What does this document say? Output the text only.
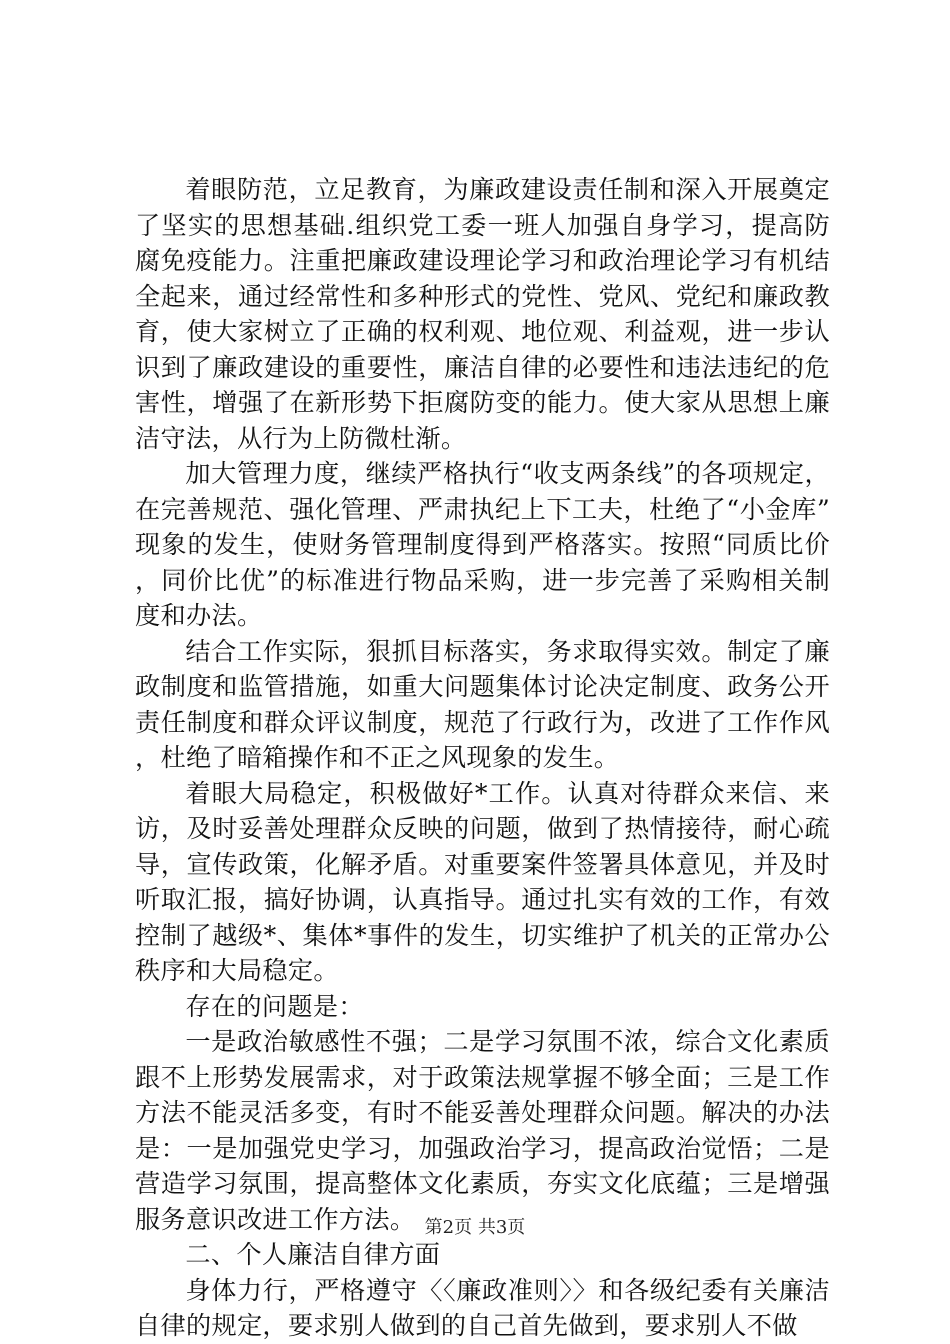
着眼防范，立足教育，为廉政建设责任制和深入开展奠定了坚实的思想基础.组织党工委一班人加强自身学习，提高防腐免疫能力。注重把廉政建设理论学习和政治理论学习有机结全起来，通过经常性和多种形式的党性、党风、党纪和廉政教育，使大家树立了正确的权利观、地位观、利益观，进一步认识到了廉政建设的重要性，廉洁自律的必要性和违法违纪的危害性，增强了在新形势下拒腐防变的能力。使大家从思想上廉洁守法，从行为上防微杜渐。

加大管理力度，继续严格执行“收支两条线”的各项规定，在完善规范、强化管理、严肃执纪上下工夫，杜绝了“小金库”现象的发生，使财务管理制度得到严格落实。按照“同质比价，同价比优”的标准进行物品采购，进一步完善了采购相关制度和办法。

结合工作实际，狠抓目标落实，务求取得实效。制定了廉政制度和监管措施，如重大问题集体讨论决定制度、政务公开责任制度和群众评议制度，规范了行政行为，改进了工作作风，杜绝了暗箱操作和不正之风现象的发生。

着眼大局稳定，积极做好*工作。认真对待群众来信、来访，及时妥善处理群众反映的问题，做到了热情接待，耐心疏导，宣传政策，化解矛盾。对重要案件签署具体意见，并及时听取汇报，搞好协调，认真指导。通过扎实有效的工作，有效控制了越级*、集体*事件的发生，切实维护了机关的正常办公秩序和大局稳定。

存在的问题是：

一是政治敏感性不强；二是学习氛围不浓，综合文化素质跟不上形势发展需求，对于政策法规掌握不够全面；三是工作方法不能灵活多变，有时不能妥善处理群众问题。解决的办法是：一是加强党史学习，加强政治学习，提高政治觉悟；二是营造学习氛围，提高整体文化素质，夯实文化底蕴；三是增强服务意识改进工作方法。

二、个人廉洁自律方面

身体力行，严格遵守〈〈廉政准则〉〉和各级纪委有关廉洁自律的规定，要求别人做到的自己首先做到，要求别人不做

第2页 共3页
